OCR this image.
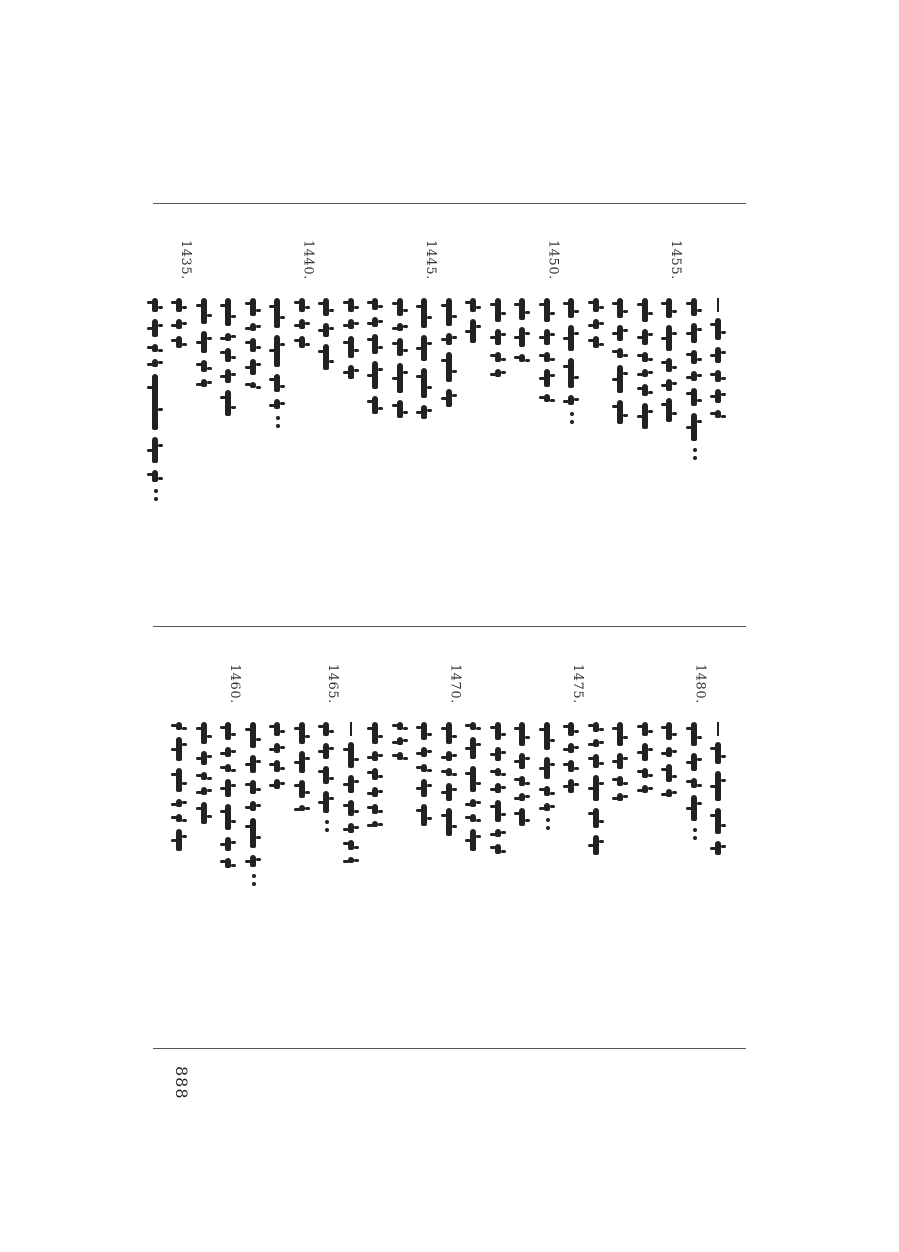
1455.
1450.
1445.
1440.
1435.
1480.
1475.
1470.
1465.
1460.
888
